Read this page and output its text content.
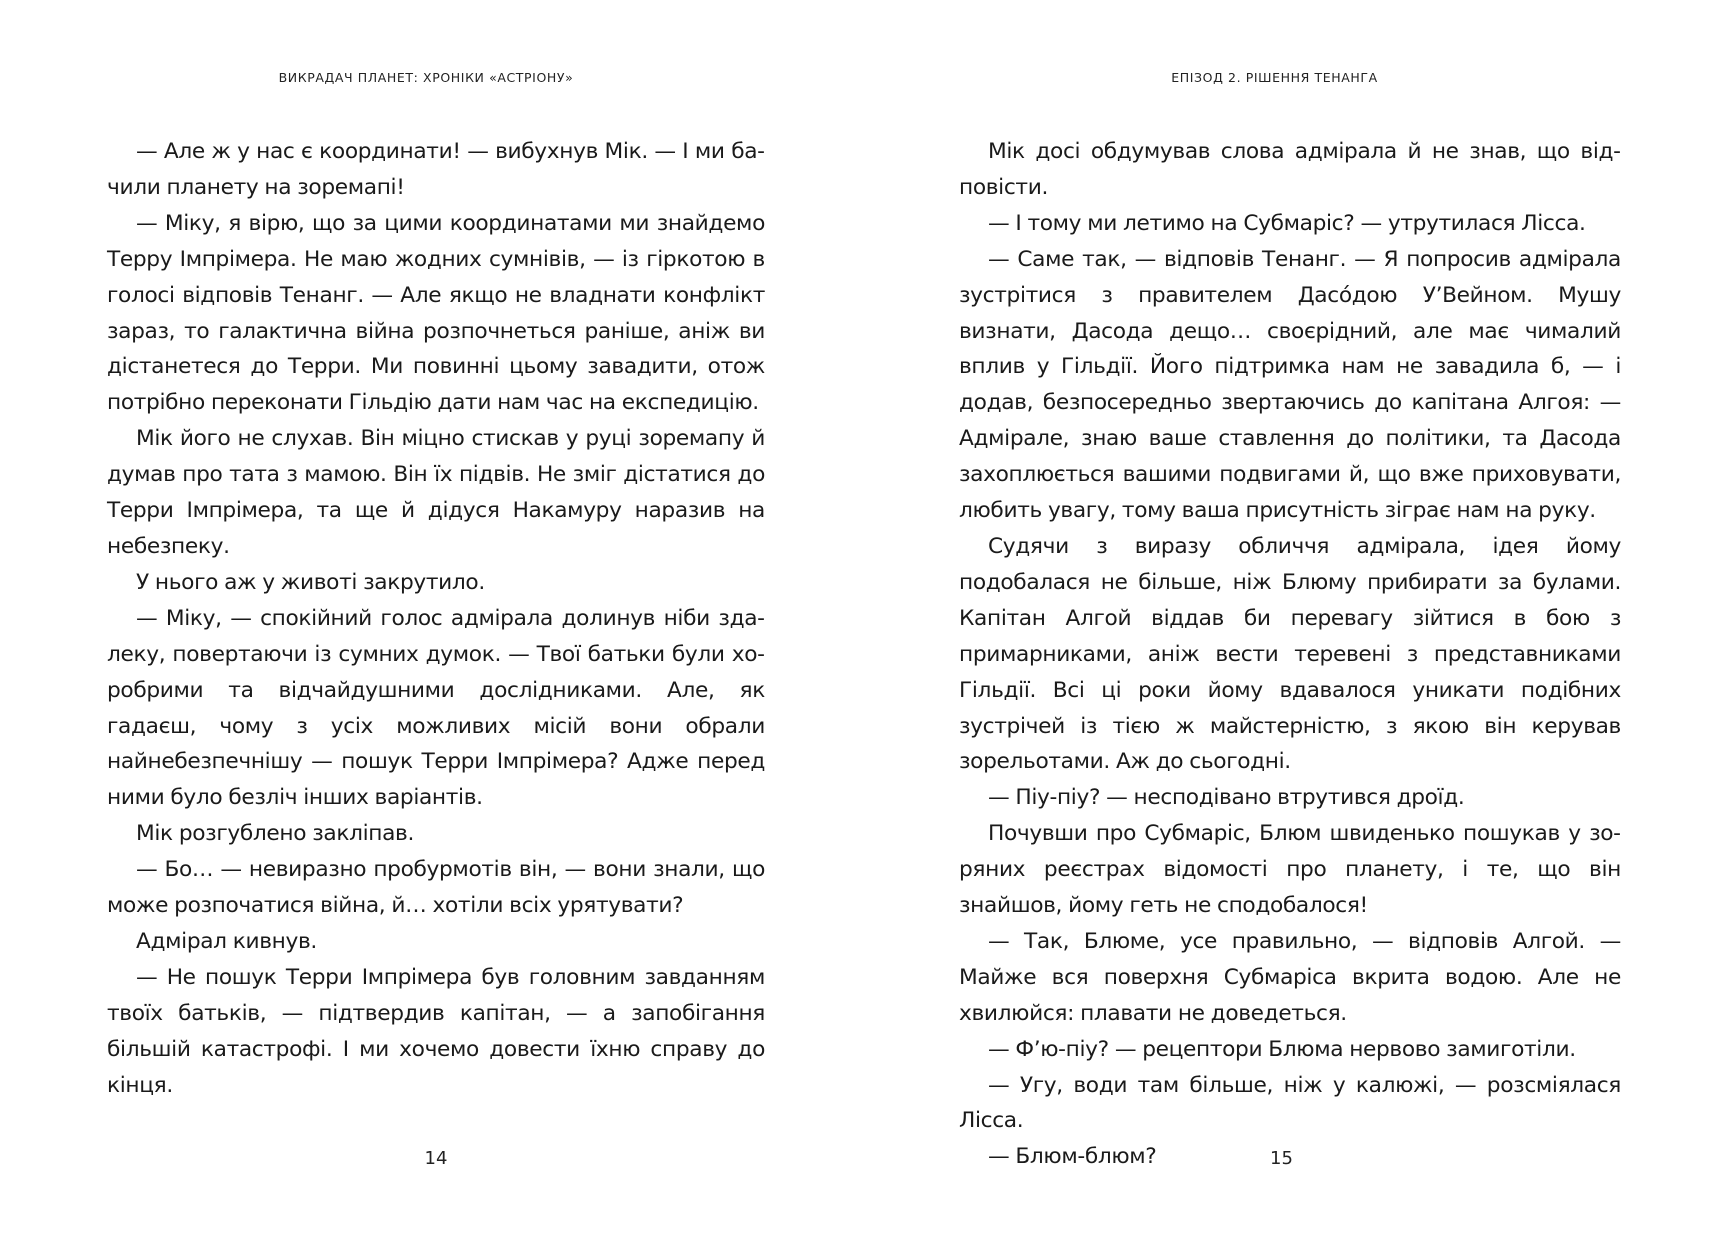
ВИКРАДАЧ ПЛАНЕТ: ХРОНІКИ «АСТРІОНУ»

— Але ж у нас є координати! — вибухнув Мік. — І ми бачили планету на зоремапі!

— Міку, я вірю, що за цими координатами ми знайдемо Терру Імпрімера. Не маю жодних сумнівів, — із гіркотою в голосі відповів Тенанг. — Але якщо не владнати конфлікт зараз, то галактична війна розпочнеться раніше, аніж ви дістанетеся до Терри. Ми повинні цьому завадити, отож потрібно переконати Гільдію дати нам час на експедицію.

Мік його не слухав. Він міцно стискав у руці зоремапу й думав про тата з мамою. Він їх підвів. Не зміг дістатися до Терри Імпрімера, та ще й дідуся Накамуру наразив на небезпеку.

У нього аж у животі закрутило.

— Міку, — спокійний голос адмірала долинув ніби здалеку, повертаючи із сумних думок. — Твої батьки були хоробрими та відчайдушними дослідниками. Але, як гадаєш, чому з усіх можливих місій вони обрали найнебезпечнішу — пошук Терри Імпрімера? Адже перед ними було безліч інших варіантів.

Мік розгублено закліпав.

— Бо… — невиразно пробурмотів він, — вони знали, що може розпочатися війна, й… хотіли всіх урятувати?

Адмірал кивнув.

— Не пошук Терри Імпрімера був головним завданням твоїх батьків, — підтвердив капітан, — а запобігання більшій катастрофі. І ми хочемо довести їхню справу до кінця.

14
ЕПІЗОД 2. РІШЕННЯ ТЕНАНГА

Мік досі обдумував слова адмірала й не знав, що відповісти.

— І тому ми летимо на Субмаріс? — утрутилася Лісса.

— Саме так, — відповів Тенанг. — Я попросив адмірала зустрітися з правителем Дасо́дою У’Вейном. Мушу визнати, Дасода дещо… своєрідний, але має чималий вплив у Гільдії. Його підтримка нам не завадила б, — і додав, безпосередньо звертаючись до капітана Алгоя: — Адмірале, знаю ваше ставлення до політики, та Дасода захоплюється вашими подвигами й, що вже приховувати, любить увагу, тому ваша присутність зіграє нам на руку.

Судячи з виразу обличчя адмірала, ідея йому подобалася не більше, ніж Блюму прибирати за булами. Капітан Алгой віддав би перевагу зійтися в бою з примарниками, аніж вести теревені з представниками Гільдії. Всі ці роки йому вдавалося уникати подібних зустрічей із тією ж майстерністю, з якою він керував зорельотами. Аж до сьогодні.

— Піу-піу? — несподівано втрутився дроїд.

Почувши про Субмаріс, Блюм швиденько пошукав у зоряних реєстрах відомості про планету, і те, що він знайшов, йому геть не сподобалося!

— Так, Блюме, усе правильно, — відповів Алгой. — Майже вся поверхня Субмаріса вкрита водою. Але не хвилюйся: плавати не доведеться.

— Ф’ю-піу? — рецептори Блюма нервово замиготіли.

— Угу, води там більше, ніж у калюжі, — розсміялася Лісса.

— Блюм-блюм?	15
